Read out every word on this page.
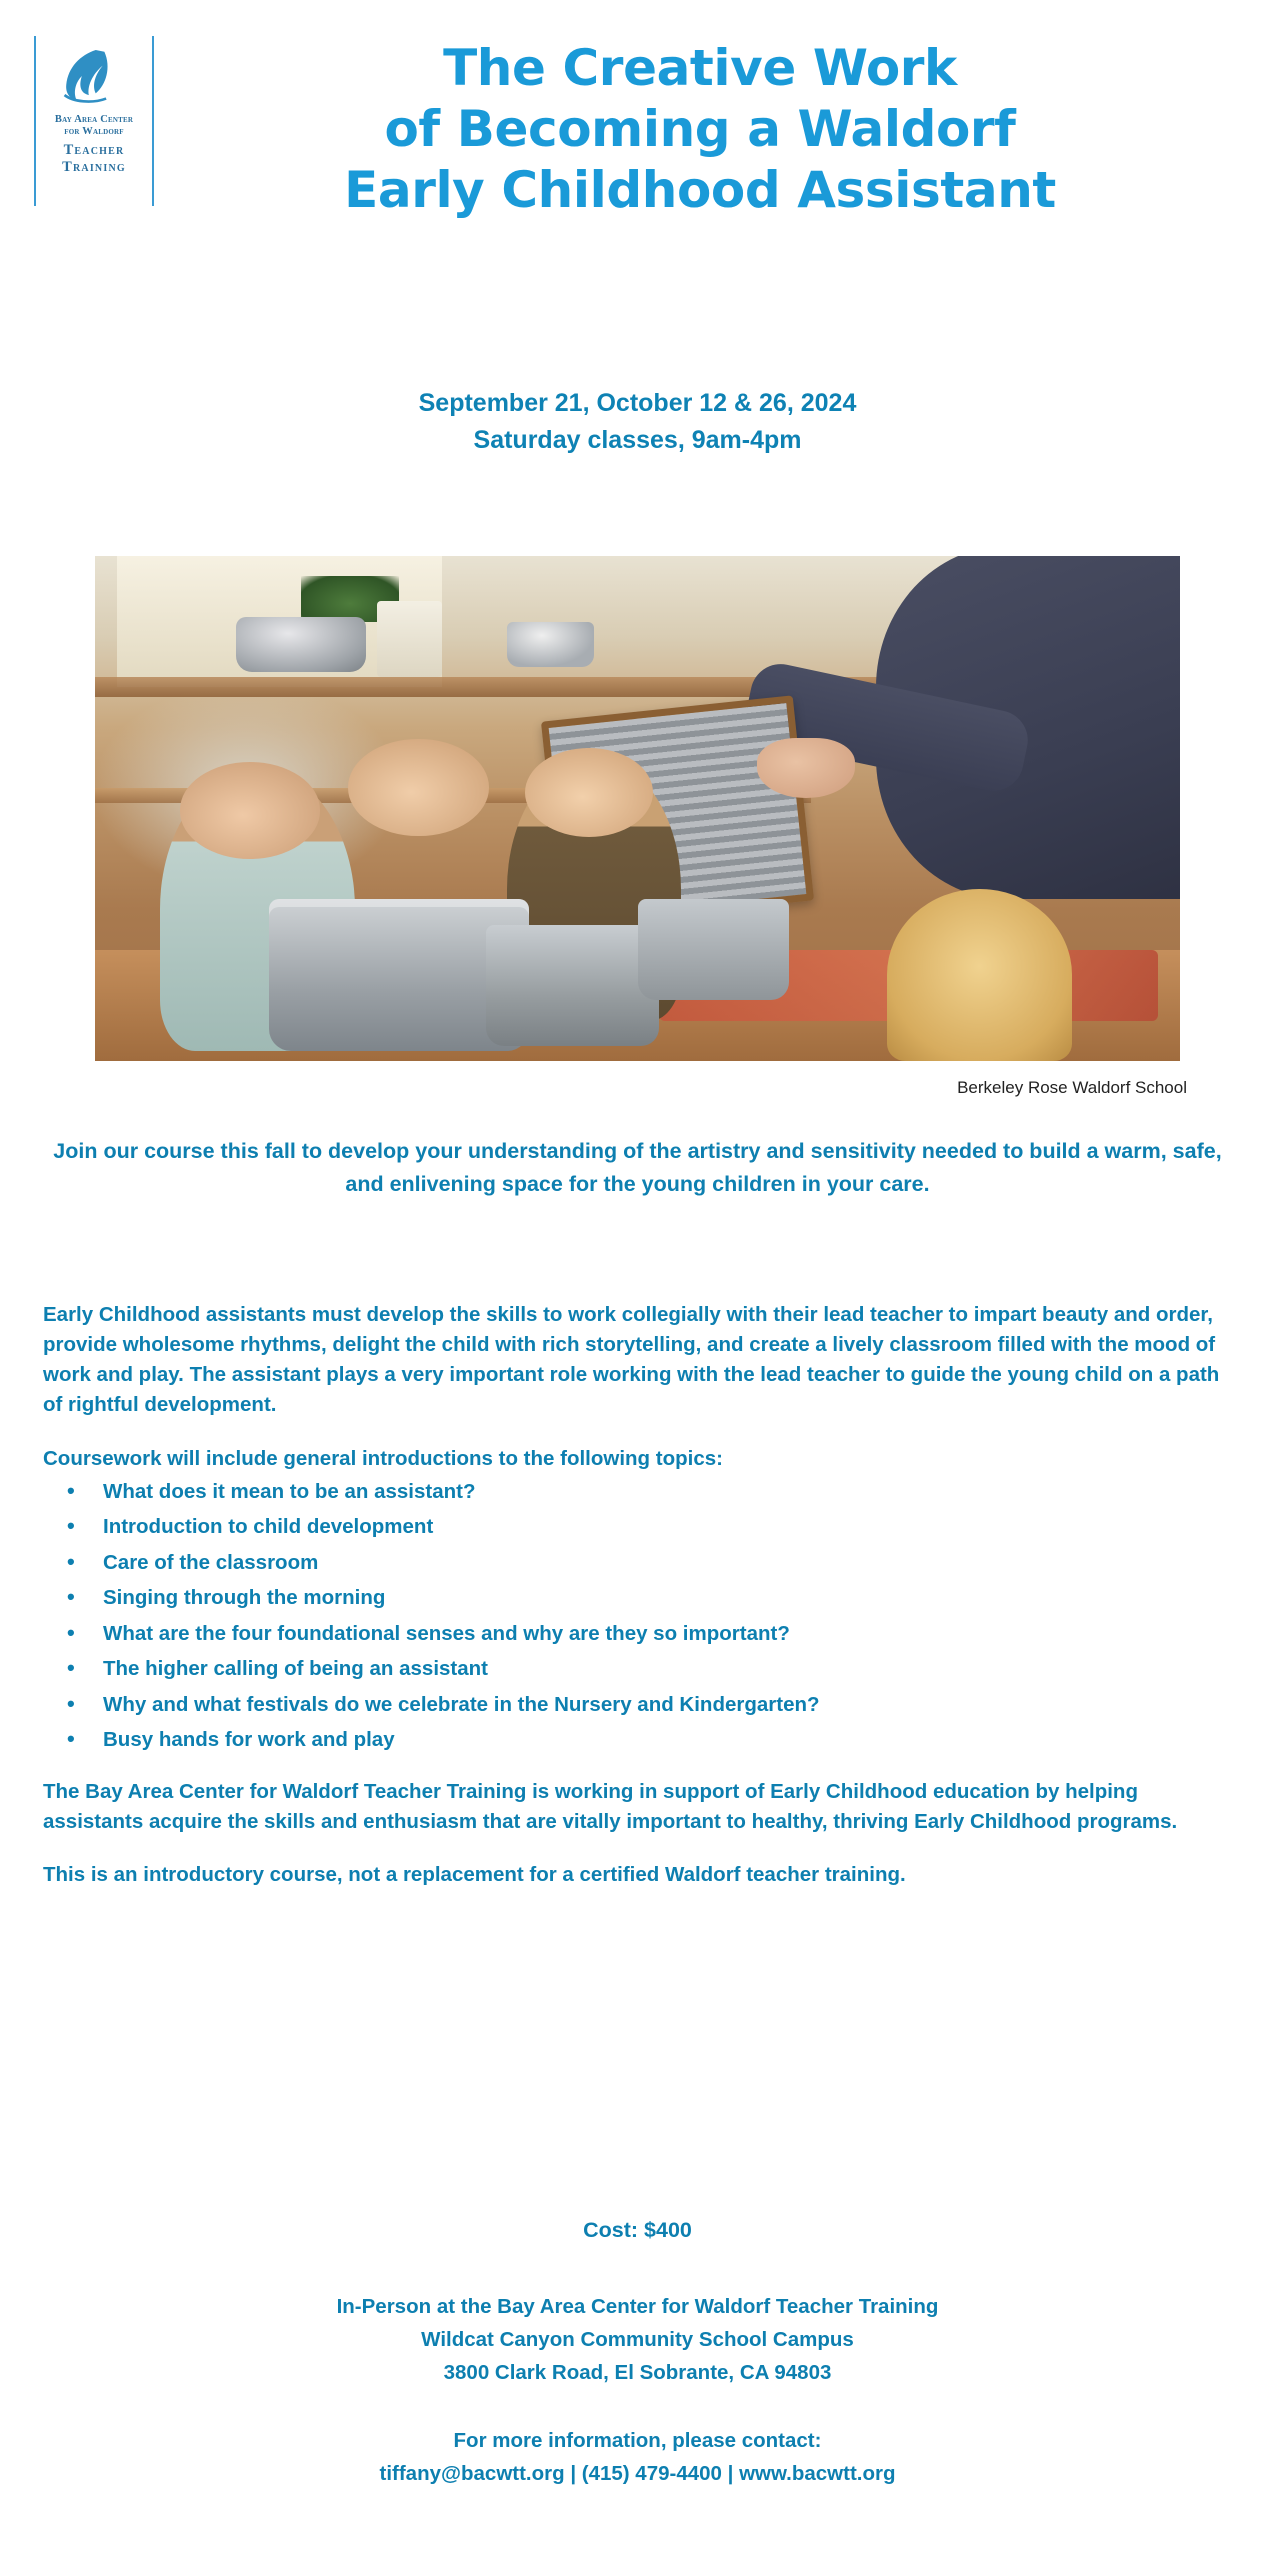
Bay Area Center
for Waldorf
Teacher
Training
The Creative Work
of Becoming a Waldorf
Early Childhood Assistant
September 21, October 12 & 26, 2024
Saturday classes, 9am-4pm
Berkeley Rose Waldorf School
Join our course this fall to develop your understanding of the artistry and sensitivity needed to build a warm, safe, and enlivening space for the young children in your care.

Early Childhood assistants must develop the skills to work collegially with their lead teacher to impart beauty and order, provide wholesome rhythms, delight the child with rich storytelling, and create a lively classroom filled with the mood of work and play. The assistant plays a very important role working with the lead teacher to guide the young child on a path of rightful development.

Coursework will include general introductions to the following topics:

• What does it mean to be an assistant?
• Introduction to child development
• Care of the classroom
• Singing through the morning
• What are the four foundational senses and why are they so important?
• The higher calling of being an assistant
• Why and what festivals do we celebrate in the Nursery and Kindergarten?
• Busy hands for work and play

The Bay Area Center for Waldorf Teacher Training is working in support of Early Childhood education by helping assistants acquire the skills and enthusiasm that are vitally important to healthy, thriving Early Childhood programs.

This is an introductory course, not a replacement for a certified Waldorf teacher training.

Cost: $400
In-Person at the Bay Area Center for Waldorf Teacher Training
Wildcat Canyon Community School Campus
3800 Clark Road, El Sobrante, CA 94803
For more information, please contact:
tiffany@bacwtt.org | (415) 479-4400 | www.bacwtt.org
